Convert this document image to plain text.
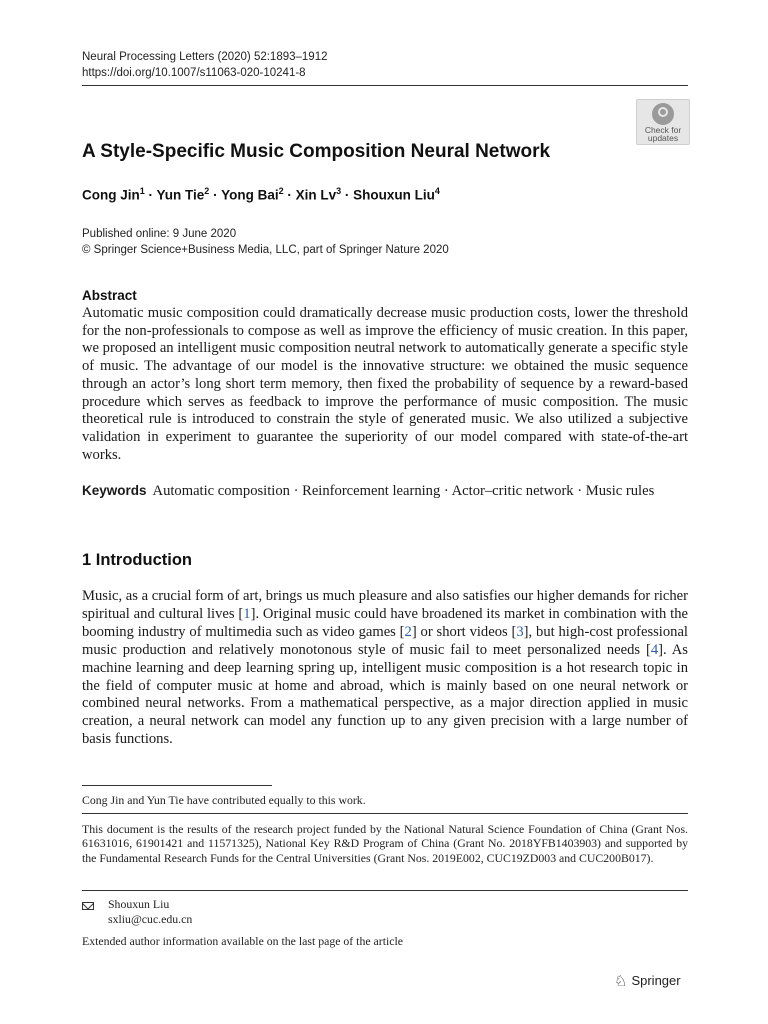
Neural Processing Letters (2020) 52:1893–1912
https://doi.org/10.1007/s11063-020-10241-8
Check for
updates
A Style-Specific Music Composition Neural Network
Cong Jin$^1$ · Yun Tie$^2$ · Yong Bai$^2$ · Xin $Lv^3$ · Shouxun Liu$^4$
Published online: 9 June 2020
© Springer Science+Business Media, LLC, part of Springer Nature 2020
Abstract

Automatic music composition could dramatically decrease music production costs, lower the threshold for the non-professionals to compose as well as improve the efficiency of music creation. In this paper, we proposed an intelligent music composition neutral network to automatically generate a specific style of music. The advantage of our model is the innovative structure: we obtained the music sequence through an actor’s long short term memory, then fixed the probability of sequence by a reward-based procedure which serves as feedback to improve the performance of music composition. The music theoretical rule is introduced to constrain the style of generated music. We also utilized a subjective validation in experiment to guarantee the superiority of our model compared with state-of-the-art works.

Keywords Automatic composition · Reinforcement learning · Actor–critic network · Music rules
1 Introduction

Music, as a crucial form of art, brings us much pleasure and also satisfies our higher demands for richer spiritual and cultural lives [1]. Original music could have broadened its market in combination with the booming industry of multimedia such as video games [2] or short videos [3], but high-cost professional music production and relatively monotonous style of music fail to meet personalized needs [4]. As machine learning and deep learning spring up, intelligent music composition is a hot research topic in the field of computer music at home and abroad, which is mainly based on one neural network or combined neural networks. From a mathematical perspective, as a major direction applied in music creation, a neural network can model any function up to any given precision with a large number of basis functions.

Cong Jin and Yun Tie have contributed equally to this work.
This document is the results of the research project funded by the National Natural Science Foundation of China (Grant Nos. 61631016, 61901421 and 11571325), National Key R&D Program of China (Grant No. 2018YFB1403903) and supported by the Fundamental Research Funds for the Central Universities (Grant Nos. 2019E002, CUC19ZD003 and CUC200B017).
Shouxun Liu
sxliu@cuc.edu.cn
Extended author information available on the last page of the article
♘ Springer
